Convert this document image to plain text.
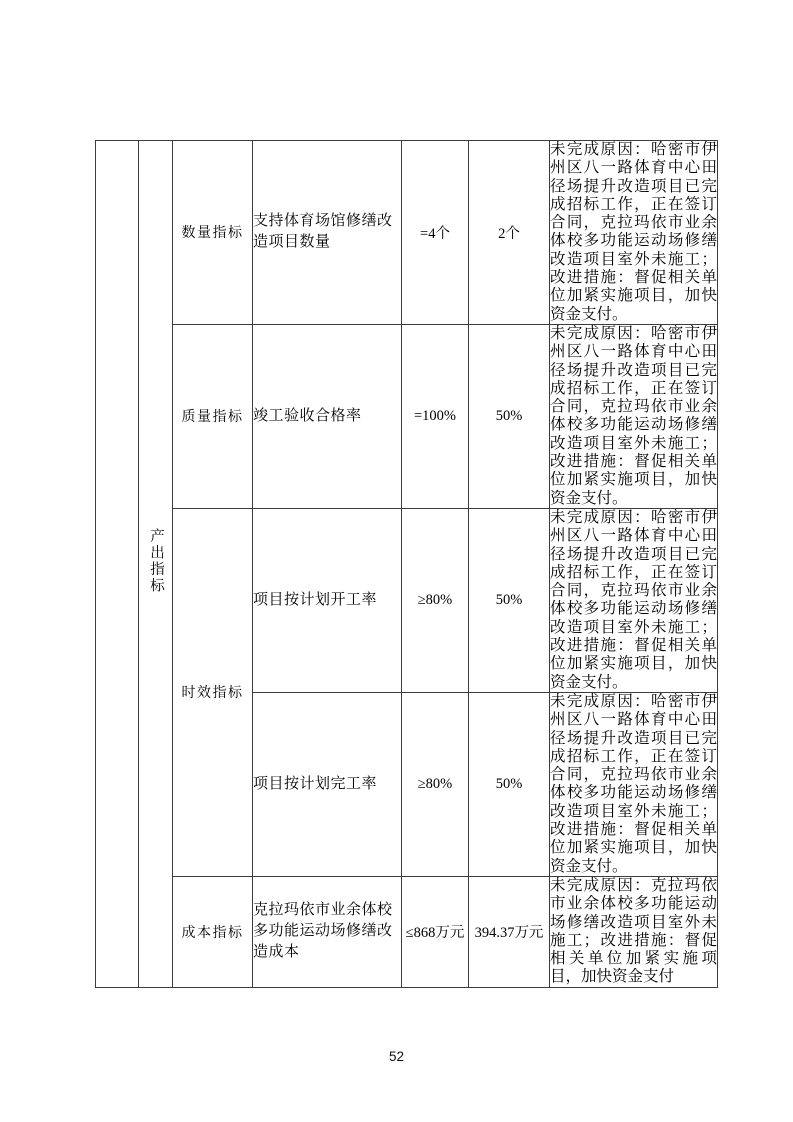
	产出指标	数量指标	支持体育场馆修缮改造项目数量	=4个	2个	未完成原因：哈密市伊州区八一路体育中心田径场提升改造项目已完成招标工作，正在签订合同，克拉玛依市业余体校多功能运动场修缮改造项目室外未施工；改进措施：督促相关单位加紧实施项目，加快资金支付。
		质量指标	竣工验收合格率	=100%	50%	未完成原因：哈密市伊州区八一路体育中心田径场提升改造项目已完成招标工作，正在签订合同，克拉玛依市业余体校多功能运动场修缮改造项目室外未施工；改进措施：督促相关单位加紧实施项目，加快资金支付。
		时效指标	项目按计划开工率	≥80%	50%	未完成原因：哈密市伊州区八一路体育中心田径场提升改造项目已完成招标工作，正在签订合同，克拉玛依市业余体校多功能运动场修缮改造项目室外未施工；改进措施：督促相关单位加紧实施项目，加快资金支付。
			项目按计划完工率	≥80%	50%	未完成原因：哈密市伊州区八一路体育中心田径场提升改造项目已完成招标工作，正在签订合同，克拉玛依市业余体校多功能运动场修缮改造项目室外未施工；改进措施：督促相关单位加紧实施项目，加快资金支付。
		成本指标	克拉玛依市业余体校多功能运动场修缮改造成本	≤868万元	394.37万元	未完成原因：克拉玛依市业余体校多功能运动场修缮改造项目室外未施工；改进措施：督促相关单位加紧实施项目，加快资金支付
52
